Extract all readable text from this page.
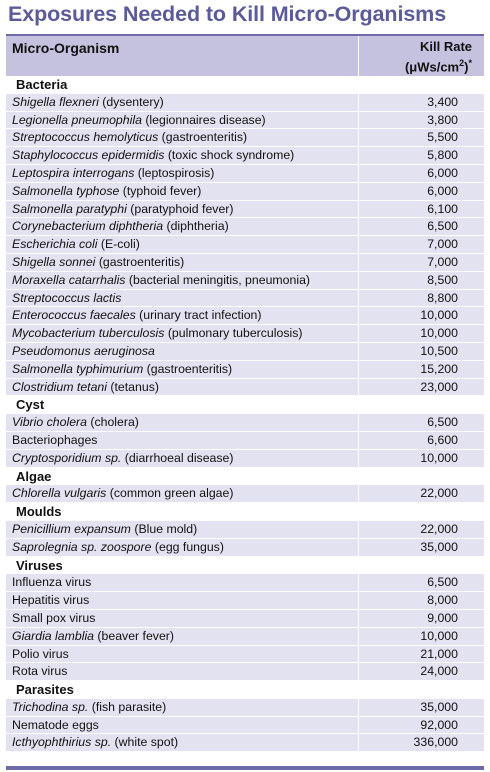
Exposures Needed to Kill Micro-Organisms
Micro-Organism	Kill Rate
$(\mu Ws/cm^2)^*$
Bacteria
Shigella flexneri (dysentery)	3,400
Legionella pneumophila (legionnaires disease)	3,800
Streptococcus hemolyticus (gastroenteritis)	5,500
Staphylococcus epidermidis (toxic shock syndrome)	5,800
Leptospira interrogans (leptospirosis)	6,000
Salmonella typhose (typhoid fever)	6,000
Salmonella paratyphi (paratyphoid fever)	6,100
Corynebacterium diphtheria (diphtheria)	6,500
Escherichia coli (E-coli)	7,000
Shigella sonnei (gastroenteritis)	7,000
Moraxella catarrhalis (bacterial meningitis, pneumonia)	8,500
Streptococcus lactis	8,800
Enterococcus faecales (urinary tract infection)	10,000
Mycobacterium tuberculosis (pulmonary tuberculosis)	10,000
Pseudomonus aeruginosa	10,500
Salmonella typhimurium (gastroenteritis)	15,200
Clostridium tetani (tetanus)	23,000
Cyst
Vibrio cholera (cholera)	6,500
Bacteriophages	6,600
Cryptosporidium sp. (diarrhoeal disease)	10,000
Algae
Chlorella vulgaris (common green algae)	22,000
Moulds
Penicillium expansum (Blue mold)	22,000
Saprolegnia sp. zoospore (egg fungus)	35,000
Viruses
Influenza virus	6,500
Hepatitis virus	8,000
Small pox virus	9,000
Giardia lamblia (beaver fever)	10,000
Polio virus	21,000
Rota virus	24,000
Parasites
Trichodina sp. (fish parasite)	35,000
Nematode eggs	92,000
Icthyophthirius sp. (white spot)	336,000
